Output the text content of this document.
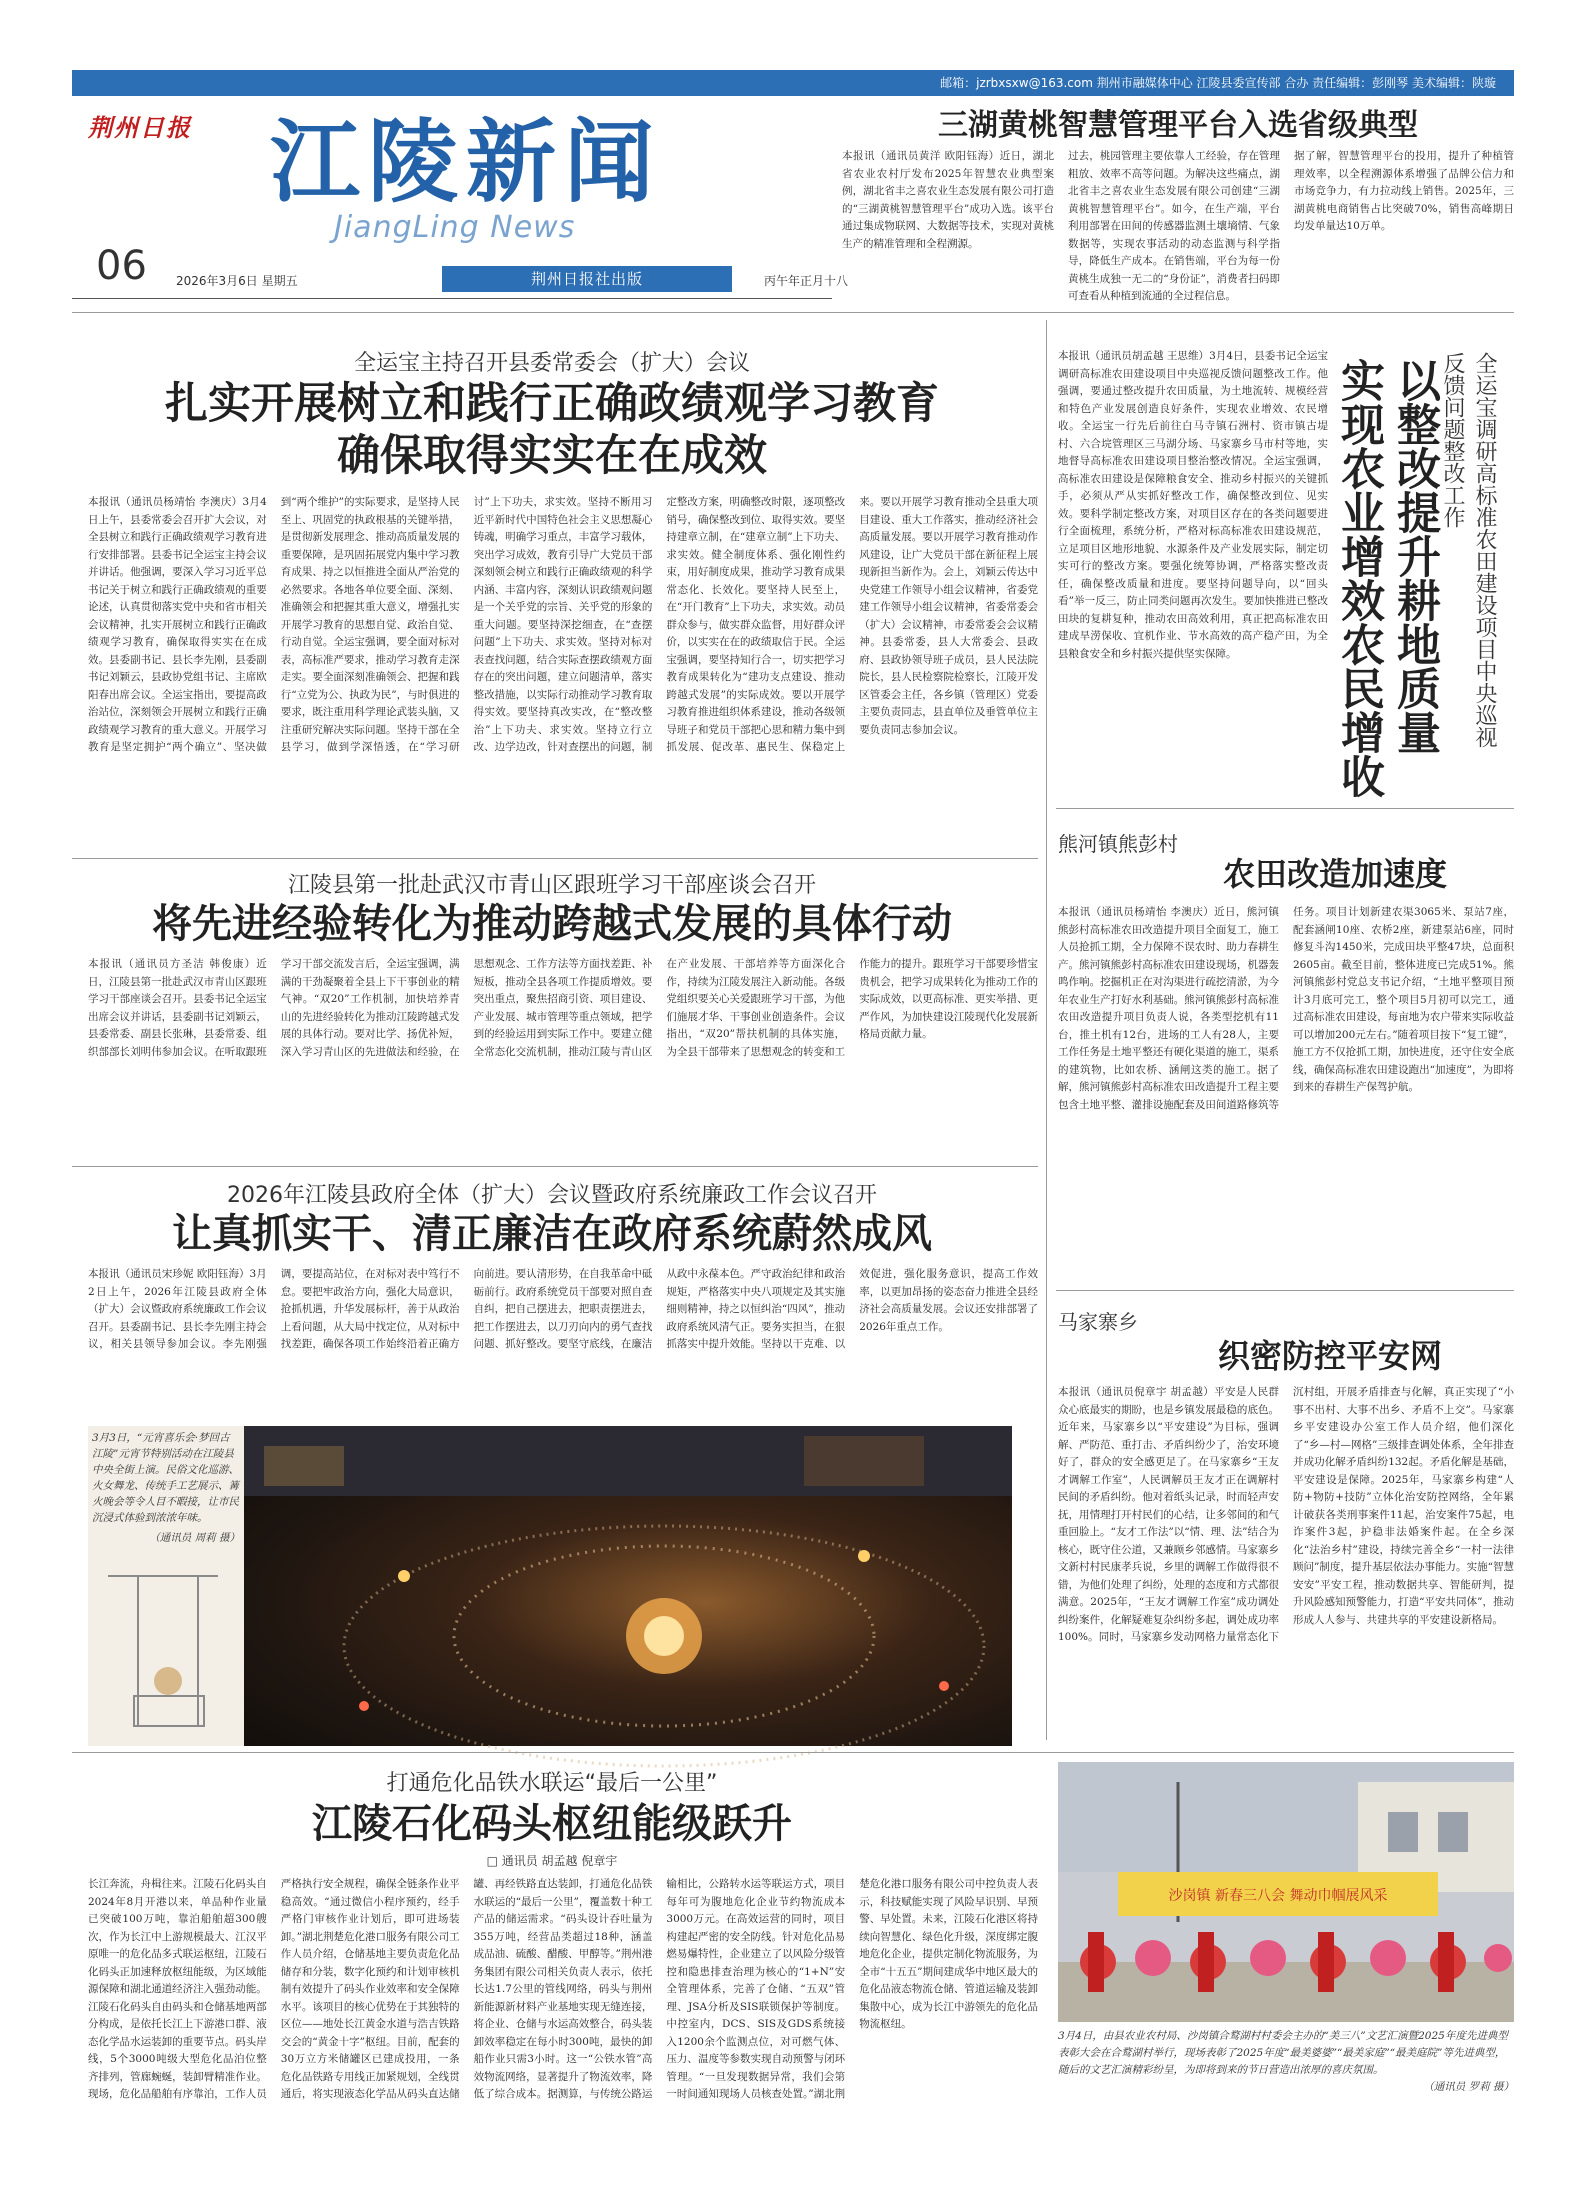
邮箱：jzrbxsxw@163.com 荆州市融媒体中心 江陵县委宣传部 合办 责任编辑：彭刚琴 美术编辑：陕璇
荆州日报 江陵新闻
JiangLing News
06 2026年3月6日 星期五	荆州日报社出版	丙午年正月十八
三湖黄桃智慧管理平台入选省级典型
本报讯（通讯员黄洋 欧阳钰海）近日，湖北省农业农村厅发布2025年智慧农业典型案例，湖北省丰之喜农业生态发展有限公司打造的“三湖黄桃智慧管理平台”成功入选。该平台通过集成物联网、大数据等技术，实现对黄桃生产的精准管理和全程溯源。
过去，桃园管理主要依靠人工经验，存在管理粗放、效率不高等问题。为解决这些痛点，湖北省丰之喜农业生态发展有限公司创建“三湖黄桃智慧管理平台”。如今，在生产端，平台利用部署在田间的传感器监测土壤墒情、气象数据等，实现农事活动的动态监测与科学指导，降低生产成本。在销售端，平台为每一份黄桃生成独一无二的“身份证”，消费者扫码即可查看从种植到流通的全过程信息。
据了解，智慧管理平台的投用，提升了种植管理效率，以全程溯源体系增强了品牌公信力和市场竞争力，有力拉动线上销售。2025年，三湖黄桃电商销售占比突破70%，销售高峰期日均发单量达10万单。
全运宝主持召开县委常委会（扩大）会议
扎实开展树立和践行正确政绩观学习教育
确保取得实实在在成效
本报讯（通讯员杨靖怡 李澳庆）3月4日上午，县委常委会召开扩大会议，对全县树立和践行正确政绩观学习教育进行安排部署。县委书记全运宝主持会议并讲话。他强调，要深入学习习近平总书记关于树立和践行正确政绩观的重要论述，认真贯彻落实党中央和省市相关会议精神，扎实开展树立和践行正确政绩观学习教育，确保取得实实在在成效。县委副书记、县长李先刚，县委副书记刘颖云，县政协党组书记、主席欧阳春出席会议。全运宝指出，要提高政治站位，深刻领会开展树立和践行正确政绩观学习教育的重大意义。开展学习教育是坚定拥护“两个确立”、坚决做到“两个维护”的实际要求，是坚持人民至上、巩固党的执政根基的关键举措，是贯彻新发展理念、推动高质量发展的重要保障，是巩固拓展党内集中学习教育成果、持之以恒推进全面从严治党的必然要求。各地各单位要全面、深刻、准确领会和把握其重大意义，增强扎实开展学习教育的思想自觉、政治自觉、行动自觉。全运宝强调，要全面对标对表，高标准严要求，推动学习教育走深走实。要全面深刻准确领会、把握和践行“立党为公、执政为民”，与时俱进的要求，既注重用科学理论武装头脑，又注重研究解决实际问题。坚持干部在全县学习，做到学深悟透，在“学习研讨”上下功夫，求实效。坚持不断用习近平新时代中国特色社会主义思想凝心铸魂，明确学习重点，丰富学习载体，突出学习成效，教育引导广大党员干部深刻领会树立和践行正确政绩观的科学内涵、丰富内容，深刻认识政绩观问题是一个关乎党的宗旨、关乎党的形象的重大问题。要坚持深挖细查，在“查摆问题”上下功夫、求实效。坚持对标对表查找问题，结合实际查摆政绩观方面存在的突出问题，建立问题清单，落实整改措施，以实际行动推动学习教育取得实效。要坚持真改实改，在“整改整治”上下功夫、求实效。坚持立行立改、边学边改，针对查摆出的问题，制定整改方案，明确整改时限，逐项整改销号，确保整改到位、取得实效。要坚持建章立制，在“建章立制”上下功夫、求实效。健全制度体系、强化刚性约束，用好制度成果，推动学习教育成果常态化、长效化。要坚持人民至上，在“开门教育”上下功夫，求实效。动员群众参与，做实群众监督，用好群众评价，以实实在在的政绩取信于民。全运宝强调，要坚持知行合一，切实把学习教育成果转化为“建功支点建设、推动跨越式发展”的实际成效。要以开展学习教育推进组织体系建设，推动各级领导班子和党员干部把心思和精力集中到抓发展、促改革、惠民生、保稳定上来。要以开展学习教育推动全县重大项目建设、重大工作落实，推动经济社会高质量发展。要以开展学习教育推动作风建设，让广大党员干部在新征程上展现新担当新作为。会上，刘颖云传达中央党建工作领导小组会议精神，省委党建工作领导小组会议精神，省委常委会（扩大）会议精神，市委常委会会议精神。县委常委，县人大常委会、县政府、县政协领导班子成员，县人民法院院长，县人民检察院检察长，江陵开发区管委会主任，各乡镇（管理区）党委主要负责同志，县直单位及垂管单位主要负责同志参加会议。
本报讯（通讯员胡孟越 王思维）3月4日，县委书记全运宝调研高标准农田建设项目中央巡视反馈问题整改工作。他强调，要通过整改提升农田质量，为土地流转、规模经营和特色产业发展创造良好条件，实现农业增效、农民增收。全运宝一行先后前往白马寺镇石洲村、资市镇古堤村、六合垸管理区三马湖分场、马家寨乡马市村等地，实地督导高标准农田建设项目整治整改情况。全运宝强调，高标准农田建设是保障粮食安全、推动乡村振兴的关键抓手，必须从严从实抓好整改工作，确保整改到位、见实效。要科学制定整改方案，对项目区存在的各类问题要进行全面梳理，系统分析，严格对标高标准农田建设规范，立足项目区地形地貌、水源条件及产业发展实际，制定切实可行的整改方案。要强化统筹协调，严格落实整改责任，确保整改质量和进度。要坚持问题导向，以“回头看”举一反三，防止同类问题再次发生。要加快推进已整改田块的复耕复种，推动农田高效利用，真正把高标准农田建成旱涝保收、宜机作业、节水高效的高产稳产田，为全县粮食安全和乡村振兴提供坚实保障。	全运宝调研高标准农田建设项目中央巡视
反馈问题整改工作
以整改提升耕地质量
实现农业增效农民增收
江陵县第一批赴武汉市青山区跟班学习干部座谈会召开
将先进经验转化为推动跨越式发展的具体行动
本报讯（通讯员方圣洁 韩俊康）近日，江陵县第一批赴武汉市青山区跟班学习干部座谈会召开。县委书记全运宝出席会议并讲话，县委副书记刘颖云，县委常委、副县长张琳，县委常委、组织部部长刘明伟参加会议。在听取跟班学习干部交流发言后，全运宝强调，满满的干劲凝聚着全县上下干事创业的精气神。“双20”工作机制，加快培养青山的先进经验转化为推动江陵跨越式发展的具体行动。要对比学、扬优补短，深入学习青山区的先进做法和经验，在思想观念、工作方法等方面找差距、补短板，推动全县各项工作提质增效。要突出重点，聚焦招商引资、项目建设、产业发展、城市管理等重点领域，把学到的经验运用到实际工作中。要建立健全常态化交流机制，推动江陵与青山区在产业发展、干部培养等方面深化合作，持续为江陵发展注入新动能。各级党组织要关心关爱跟班学习干部，为他们施展才华、干事创业创造条件。会议指出，“双20”帮扶机制的具体实施，为全县干部带来了思想观念的转变和工作能力的提升。跟班学习干部要珍惜宝贵机会，把学习成果转化为推动工作的实际成效，以更高标准、更实举措、更严作风，为加快建设江陵现代化发展新格局贡献力量。
熊河镇熊彭村
农田改造加速度
本报讯（通讯员杨靖怡 李澳庆）近日，熊河镇熊彭村高标准农田改造提升项目全面复工，施工人员抢抓工期，全力保障不误农时、助力春耕生产。熊河镇熊彭村高标准农田建设现场，机器轰鸣作响。挖掘机正在对沟渠进行疏挖清淤，为今年农业生产打好水利基础。熊河镇熊彭村高标准农田改造提升项目负责人说，各类型挖机有11台，推土机有12台，进场的工人有28人，主要工作任务是土地平整还有硬化渠道的施工，渠系的建筑物，比如农桥、涵闸这类的施工。据了解，熊河镇熊彭村高标准农田改造提升工程主要包含土地平整、灌排设施配套及田间道路修筑等任务。项目计划新建农渠3065米、泵站7座，配套涵闸10座、农桥2座，新建泵站6座，同时修复斗沟1450米，完成田块平整47块，总面积2605亩。截至目前，整体进度已完成51%。熊河镇熊彭村党总支书记介绍，“土地平整项目预计3月底可完工，整个项目5月初可以完工，通过高标准农田建设，每亩地为农户带来实际收益可以增加200元左右。”随着项目按下“复工键”，施工方不仅抢抓工期，加快进度，还守住安全底线，确保高标准农田建设跑出“加速度”，为即将到来的春耕生产保驾护航。
2026年江陵县政府全体（扩大）会议暨政府系统廉政工作会议召开
让真抓实干、清正廉洁在政府系统蔚然成风
本报讯（通讯员宋珍妮 欧阳钰海）3月2日上午，2026年江陵县政府全体（扩大）会议暨政府系统廉政工作会议召开。县委副书记、县长李先刚主持会议，相关县领导参加会议。李先刚强调，要提高站位，在对标对表中笃行不怠。要把牢政治方向，强化大局意识，抢抓机遇，升华发展标杆，善于从政治上看问题，从大局中找定位，从对标中找差距，确保各项工作始终沿着正确方向前进。要认清形势，在自我革命中砥砺前行。政府系统党员干部要对照自查自纠，把自己摆进去，把职责摆进去，把工作摆进去，以刀刃向内的勇气查找问题、抓好整改。要坚守底线，在廉洁从政中永葆本色。严守政治纪律和政治规矩，严格落实中央八项规定及其实施细则精神，持之以恒纠治“四风”，推动政府系统风清气正。要务实担当，在狠抓落实中提升效能。坚持以干克难、以效促进，强化服务意识，提高工作效率，以更加昂扬的姿态奋力推进全县经济社会高质量发展。会议还安排部署了2026年重点工作。
3月3日，“元宵喜乐会·梦回古江陵”元宵节特别活动在江陵县中央全街上演。民俗文化巡游、火女舞龙、传统手工艺展示、篝火晚会等令人目不暇接，让市民沉浸式体验到浓浓年味。
（通讯员 周莉 摄）
马家寨乡
织密防控平安网
本报讯（通讯员倪章宇 胡孟越）平安是人民群众心底最实的期盼，也是乡镇发展最稳的底色。近年来，马家寨乡以“平安建设”为目标，强调解、严防范、重打击、矛盾纠纷少了，治安环境好了，群众的安全感更足了。在马家寨乡“王友才调解工作室”，人民调解员王友才正在调解村民间的矛盾纠纷。他对着纸头记录，时而轻声安抚，用情理打开村民们的心结，让多邻间的和气重回脸上。“友才工作法”以“情、理、法”结合为核心，既守住公道，又兼顾乡邻感情。马家寨乡文新村村民康孝兵说，乡里的调解工作做得很不错，为他们处理了纠纷，处理的态度和方式都很满意。2025年，“王友才调解工作室”成功调处纠纷案件，化解疑难复杂纠纷多起，调处成功率100%。同时，马家寨乡发动网格力量常态化下沉村组，开展矛盾排查与化解，真正实现了“小事不出村、大事不出乡、矛盾不上交”。马家寨乡平安建设办公室工作人员介绍，他们深化了“乡—村—网格”三级排查调处体系，全年排查并成功化解矛盾纠纷132起。矛盾化解是基础，平安建设是保障。2025年，马家寨乡构建“人防+物防+技防”立体化治安防控网络，全年累计破获各类刑事案件11起，治安案件75起，电诈案件3起，护稳非法婚案件起。在全乡深化“法治乡村”建设，持续完善全乡“一村一法律顾问”制度，提升基层依法办事能力。实施“智慧安安”平安工程，推动数据共享、智能研判，提升风险感知预警能力，打造“平安共同体”，推动形成人人参与、共建共享的平安建设新格局。
打通危化品铁水联运“最后一公里”
江陵石化码头枢纽能级跃升
□ 通讯员 胡孟越 倪章宇
长江奔流，舟楫往来。江陵石化码头自2024年8月开港以来，单品种作业量已突破100万吨，靠泊船舶超300艘次，作为长江中上游规模最大、江汉平原唯一的危化品多式联运枢纽，江陵石化码头正加速释放枢纽能级，为区域能源保障和湖北通道经济注入强劲动能。江陵石化码头自由码头和仓储基地两部分构成，是依托长江上下游港口群、液态化学品水运装卸的重要节点。码头岸线，5个3000吨级大型危化品泊位整齐排列，管廊蜿蜒，装卸臂精准作业。现场，危化品船舶有序靠泊，工作人员严格执行安全规程，确保全链条作业平稳高效。“通过微信小程序预约，经手严格门审核作业计划后，即可进场装卸。”湖北荆楚危化港口服务有限公司工作人员介绍，仓储基地主要负责危化品储存和分装，数字化预约和计划审核机制有效提升了码头作业效率和安全保障水平。该项目的核心优势在于其独特的区位——地处长江黄金水道与浩吉铁路交会的“黄金十字”枢纽。目前，配套的30万立方米储罐区已建成投用，一条危化品铁路专用线正加紧规划，全线贯通后，将实现液态化学品从码头直达储罐、再经铁路直达装卸，打通危化品铁水联运的“最后一公里”，覆盖数十种工产品的储运需求。“码头设计吞吐量为355万吨，经营品类超过18种，涵盖成品油、硫酸、醋酸、甲醇等。”荆州港务集团有限公司相关负责人表示，依托长达1.7公里的管线网络，码头与荆州新能源新材料产业基地实现无缝连接，将企业、仓储与水运高效整合，码头装卸效率稳定在每小时300吨，最快的卸船作业只需3小时。这一“公铁水管”高效物流网络，显著提升了物流效率，降低了综合成本。据测算，与传统公路运输相比，公路转水运等联运方式，项目每年可为腹地危化企业节约物流成本3000万元。在高效运营的同时，项目构建起严密的安全防线。针对危化品易燃易爆特性，企业建立了以风险分级管控和隐患排查治理为核心的“1+N”安全管理体系，完善了仓储、“五双”管理、JSA分析及SIS联锁保护等制度。中控室内，DCS、SIS及GDS系统接入1200余个监测点位，对可燃气体、压力、温度等参数实现自动预警与闭环管理。“一旦发现数据异常，我们会第一时间通知现场人员核查处置。”湖北荆楚危化港口服务有限公司中控负责人表示，科技赋能实现了风险早识别、早预警、早处置。未来，江陵石化港区将持续向智慧化、绿色化升级，深度绑定腹地危化企业，提供定制化物流服务，为全市“十五五”期间建成华中地区最大的危化品液态物流仓储、管道运输及装卸集散中心，成为长江中游领先的危化品物流枢纽。
沙岗镇 新春三八会 舞动巾帼展风采
3月4日，由县农业农村局、沙岗镇合鹜湖村村委会主办的“美三八”文艺汇演暨2025年度先进典型表彰大会在合鹜湖村举行，现场表彰了2025年度“最美婆婆”“最美家庭”“最美庭院”等先进典型，随后的文艺汇演精彩纷呈，为即将到来的节日营造出浓厚的喜庆氛围。
（通讯员 罗莉 摄）
